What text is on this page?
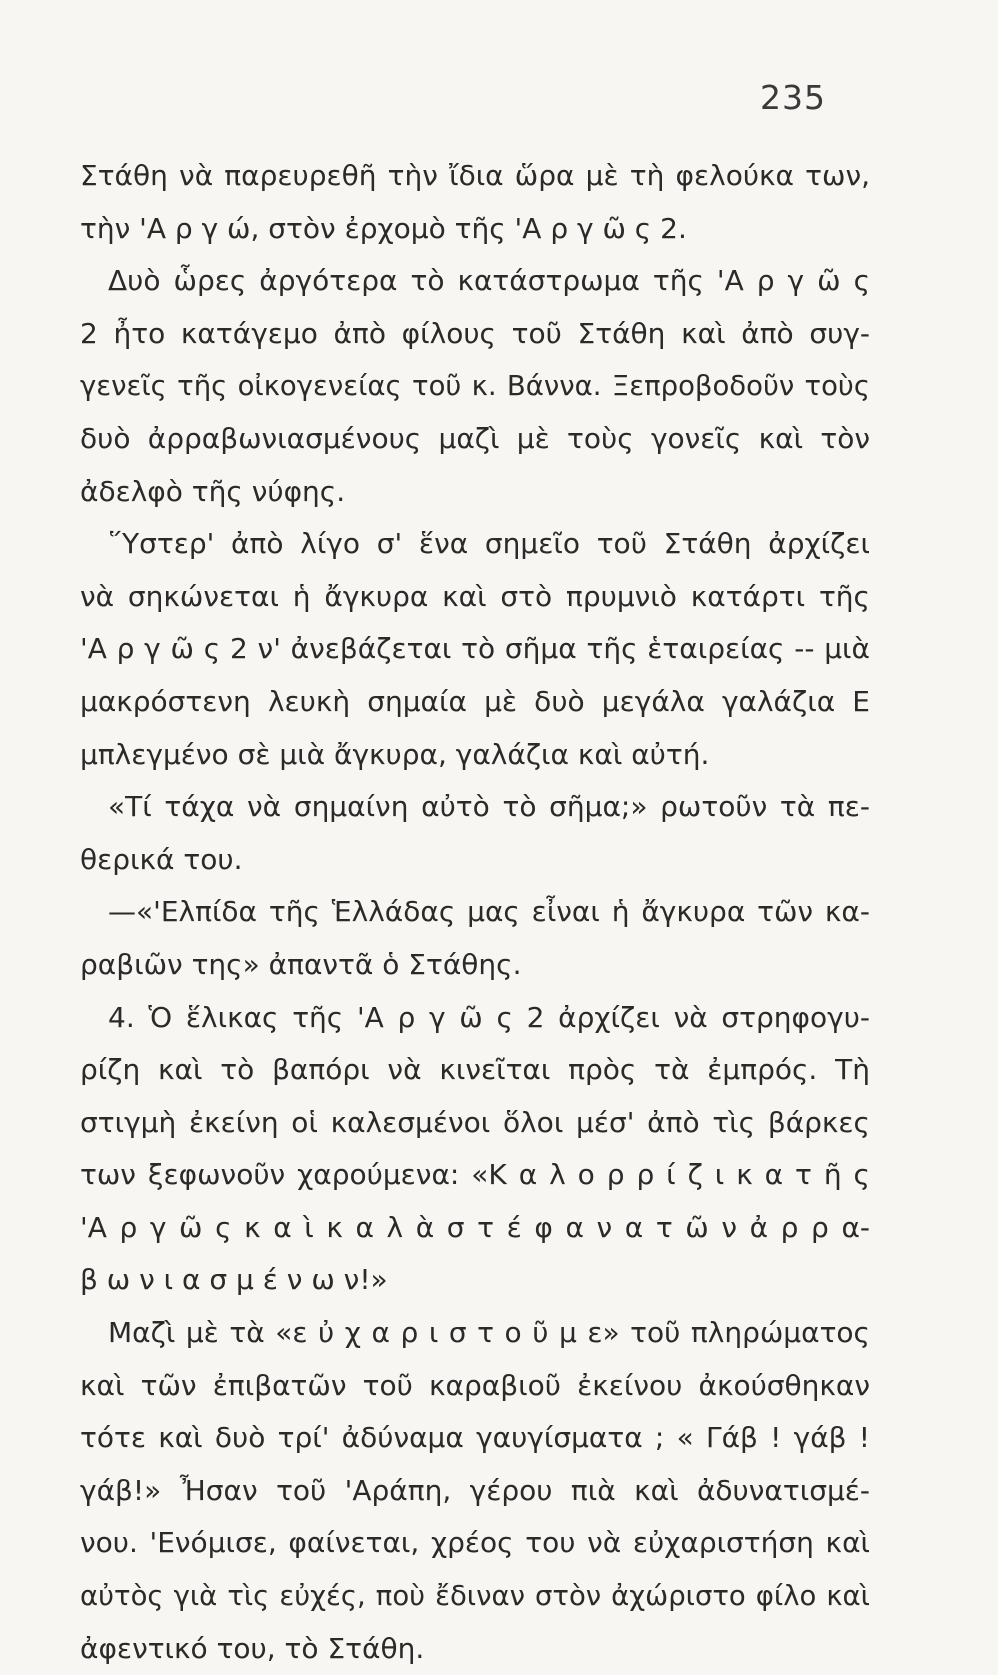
235
Στάθη νὰ παρευρεθῆ τὴν ἴδια ὥρα μὲ τὴ φελούκα των,
τὴν 'Α ρ γ ώ, στὸν ἐρχομὸ τῆς 'Α ρ γ ῶ ς 2.
Δυὸ ὧρες ἀργότερα τὸ κατάστρωμα τῆς 'Α ρ γ ῶ ς
2 ἦτο κατάγεμο ἀπὸ φίλους τοῦ Στάθη καὶ ἀπὸ συγ-
γενεῖς τῆς οἰκογενείας τοῦ κ. Βάννα. Ξεπροβοδοῦν τοὺς
δυὸ ἀρραβωνιασμένους μαζὶ μὲ τοὺς γονεῖς καὶ τὸν
ἀδελφὸ τῆς νύφης.
῞Υστερ' ἀπὸ λίγο σ' ἕνα σημεῖο τοῦ Στάθη ἀρχίζει
νὰ σηκώνεται ἡ ἄγκυρα καὶ στὸ πρυμνιὸ κατάρτι τῆς
'Α ρ γ ῶ ς 2 ν' ἀνεβάζεται τὸ σῆμα τῆς ἑταιρείας -- μιὰ
μακρόστενη λευκὴ σημαία μὲ δυὸ μεγάλα γαλάζια Ε
μπλεγμένο σὲ μιὰ ἄγκυρα, γαλάζια καὶ αὐτή.
«Τί τάχα νὰ σημαίνη αὐτὸ τὸ σῆμα;» ρωτοῦν τὰ πε-
θερικά του.
—«'Ελπίδα τῆς Ἑλλάδας μας εἶναι ἡ ἄγκυρα τῶν κα-
ραβιῶν της» ἀπαντᾶ ὁ Στάθης.
4. Ὁ ἕλικας τῆς 'Α ρ γ ῶ ς 2 ἀρχίζει νὰ στρηφογυ-
ρίζη καὶ τὸ βαπόρι νὰ κινεῖται πρὸς τὰ ἐμπρός. Τὴ
στιγμὴ ἐκείνη οἱ καλεσμένοι ὅλοι μέσ' ἀπὸ τὶς βάρκες
των ξεφωνοῦν χαρούμενα: «Κ α λ ο ρ ρ ί ζ ι κ α τ ῆ ς
'Α ρ γ ῶ ς κ α ὶ κ α λ ὰ σ τ έ φ α ν α τ ῶ ν ἀ ρ ρ α-
β ω ν ι α σ μ έ ν ω ν!»
Μαζὶ μὲ τὰ «ε ὐ χ α ρ ι σ τ ο ῦ μ ε» τοῦ πληρώματος
καὶ τῶν ἐπιβατῶν τοῦ καραβιοῦ ἐκείνου ἀκούσθηκαν
τότε καὶ δυὸ τρί' ἀδύναμα γαυγίσματα ; « Γάβ ! γάβ !
γάβ!» Ἦσαν τοῦ 'Αράπη, γέρου πιὰ καὶ ἀδυνατισμέ-
νου. 'Ενόμισε, φαίνεται, χρέος του νὰ εὐχαριστήση καὶ
αὐτὸς γιὰ τὶς εὐχές, ποὺ ἔδιναν στὸν ἀχώριστο φίλο καὶ
ἀφεντικό του, τὸ Στάθη.
